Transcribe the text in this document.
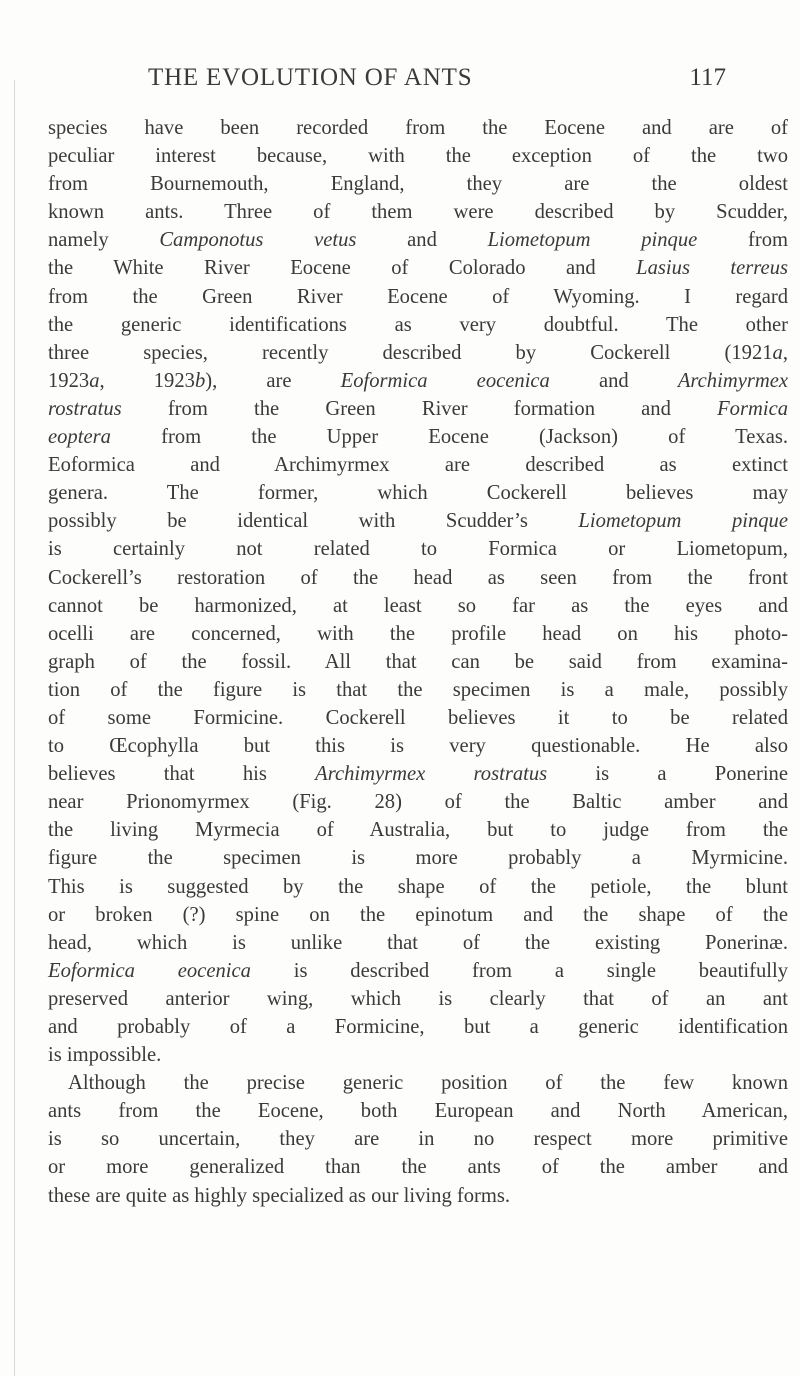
THE EVOLUTION OF ANTS	117
species have been recorded from the Eocene and are of
peculiar interest because, with the exception of the two
from Bournemouth, England, they are the oldest
known ants. Three of them were described by Scudder,
namely Camponotus vetus and Liometopum pinque from
the White River Eocene of Colorado and Lasius terreus
from the Green River Eocene of Wyoming. I regard
the generic identifications as very doubtful. The other
three species, recently described by Cockerell (1921a,
1923a, 1923b), are Eoformica eocenica and Archimyrmex
rostratus from the Green River formation and Formica
eoptera from the Upper Eocene (Jackson) of Texas.
Eoformica and Archimyrmex are described as extinct
genera. The former, which Cockerell believes may
possibly be identical with Scudder’s Liometopum pinque
is certainly not related to Formica or Liometopum,
Cockerell’s restoration of the head as seen from the front
cannot be harmonized, at least so far as the eyes and
ocelli are concerned, with the profile head on his photo-
graph of the fossil. All that can be said from examina-
tion of the figure is that the specimen is a male, possibly
of some Formicine. Cockerell believes it to be related
to Œcophylla but this is very questionable. He also
believes that his Archimyrmex rostratus is a Ponerine
near Prionomyrmex (Fig. 28) of the Baltic amber and
the living Myrmecia of Australia, but to judge from the
figure the specimen is more probably a Myrmicine.
This is suggested by the shape of the petiole, the blunt
or broken (?) spine on the epinotum and the shape of the
head, which is unlike that of the existing Ponerinæ.
Eoformica eocenica is described from a single beautifully
preserved anterior wing, which is clearly that of an ant
and probably of a Formicine, but a generic identification
is impossible.
Although the precise generic position of the few known
ants from the Eocene, both European and North American,
is so uncertain, they are in no respect more primitive
or more generalized than the ants of the amber and
these are quite as highly specialized as our living forms.
